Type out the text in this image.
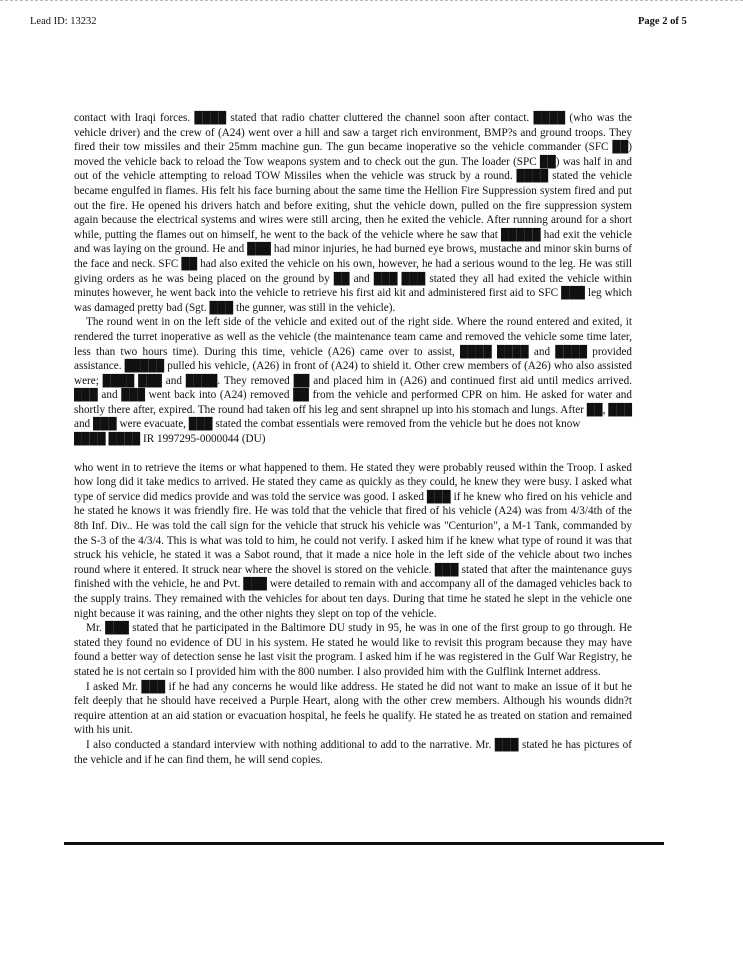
Lead ID: 13232	Page 2 of 5

contact with Iraqi forces. ████ stated that radio chatter cluttered the channel soon after contact. ████ (who was the vehicle driver) and the crew of (A24) went over a hill and saw a target rich environment, BMP?s and ground troops. They fired their tow missiles and their 25mm machine gun. The gun became inoperative so the vehicle commander (SFC ██) moved the vehicle back to reload the Tow weapons system and to check out the gun. The loader (SPC ██) was half in and out of the vehicle attempting to reload TOW Missiles when the vehicle was struck by a round. ████ stated the vehicle became engulfed in flames. His felt his face burning about the same time the Hellion Fire Suppression system fired and put out the fire. He opened his drivers hatch and before exiting, shut the vehicle down, pulled on the fire suppression system again because the electrical systems and wires were still arcing, then he exited the vehicle. After running around for a short while, putting the flames out on himself, he went to the back of the vehicle where he saw that █████ had exit the vehicle and was laying on the ground. He and ███ had minor injuries, he had burned eye brows, mustache and minor skin burns of the face and neck. SFC ██ had also exited the vehicle on his own, however, he had a serious wound to the leg. He was still giving orders as he was being placed on the ground by ██ and ███ ███ stated they all had exited the vehicle within minutes however, he went back into the vehicle to retrieve his first aid kit and administered first aid to SFC ███ leg which was damaged pretty bad (Sgt. ███ the gunner, was still in the vehicle).

The round went in on the left side of the vehicle and exited out of the right side. Where the round entered and exited, it rendered the turret inoperative as well as the vehicle (the maintenance team came and removed the vehicle some time later, less than two hours time). During this time, vehicle (A26) came over to assist, ████ ████ and ████ provided assistance. █████ pulled his vehicle, (A26) in front of (A24) to shield it. Other crew members of (A26) who also assisted were; ████ ███ and ████. They removed ██ and placed him in (A26) and continued first aid until medics arrived. ███ and ███ went back into (A24) removed ██ from the vehicle and performed CPR on him. He asked for water and shortly there after, expired. The round had taken off his leg and sent shrapnel up into his stomach and lungs. After ██, ███ and ███ were evacuate, ███ stated the combat essentials were removed from the vehicle but he does not know

████ ████ IR 1997295-0000044 (DU)

who went in to retrieve the items or what happened to them. He stated they were probably reused within the Troop. I asked how long did it take medics to arrived. He stated they came as quickly as they could, he knew they were busy. I asked what type of service did medics provide and was told the service was good. I asked ███ if he knew who fired on his vehicle and he stated he knows it was friendly fire. He was told that the vehicle that fired of his vehicle (A24) was from 4/3/4th of the 8th Inf. Div.. He was told the call sign for the vehicle that struck his vehicle was "Centurion", a M-1 Tank, commanded by the S-3 of the 4/3/4. This is what was told to him, he could not verify. I asked him if he knew what type of round it was that struck his vehicle, he stated it was a Sabot round, that it made a nice hole in the left side of the vehicle about two inches round where it entered. It struck near where the shovel is stored on the vehicle. ███ stated that after the maintenance guys finished with the vehicle, he and Pvt. ███ were detailed to remain with and accompany all of the damaged vehicles back to the supply trains. They remained with the vehicles for about ten days. During that time he stated he slept in the vehicle one night because it was raining, and the other nights they slept on top of the vehicle.

Mr. ███ stated that he participated in the Baltimore DU study in 95, he was in one of the first group to go through. He stated they found no evidence of DU in his system. He stated he would like to revisit this program because they may have found a better way of detection sense he last visit the program. I asked him if he was registered in the Gulf War Registry, he stated he is not certain so I provided him with the 800 number. I also provided him with the Gulflink Internet address.

I asked Mr. ███ if he had any concerns he would like address. He stated he did not want to make an issue of it but he felt deeply that he should have received a Purple Heart, along with the other crew members. Although his wounds didn?t require attention at an aid station or evacuation hospital, he feels he qualify. He stated he as treated on station and remained with his unit.

I also conducted a standard interview with nothing additional to add to the narrative. Mr. ███ stated he has pictures of the vehicle and if he can find them, he will send copies.
